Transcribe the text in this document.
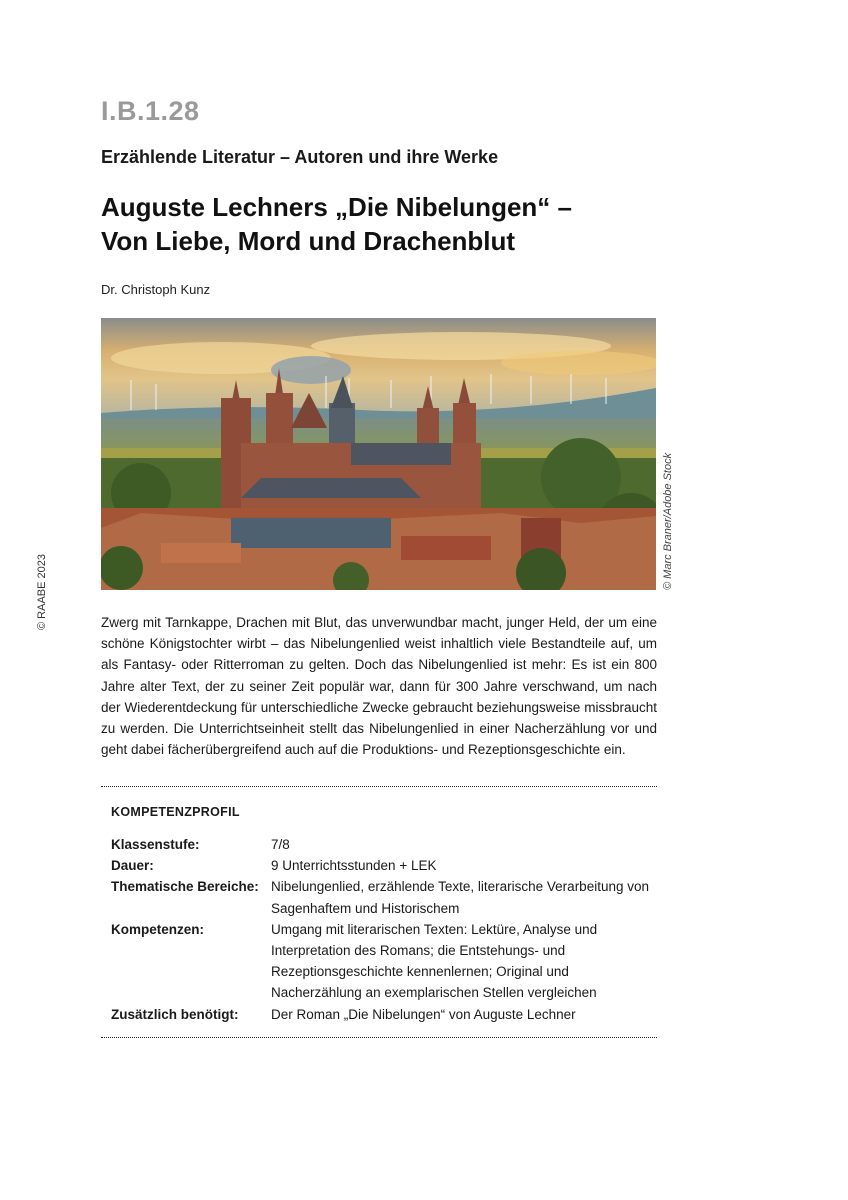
I.B.1.28
Erzählende Literatur – Autoren und ihre Werke
Auguste Lechners „Die Nibelungen“ –
Von Liebe, Mord und Drachenblut
Dr. Christoph Kunz
© Marc Braner/Adobe Stock
© RAABE 2023	Zwerg mit Tarnkappe, Drachen mit Blut, das unverwundbar macht, junger Held, der um eine schöne Königstochter wirbt – das Nibelungenlied weist inhaltlich viele Bestandteile auf, um als Fantasy- oder Ritterroman zu gelten. Doch das Nibelungenlied ist mehr: Es ist ein 800 Jahre alter Text, der zu seiner Zeit populär war, dann für 300 Jahre verschwand, um nach der Wiederentdeckung für unterschiedliche Zwecke gebraucht beziehungsweise missbraucht zu werden. Die Unterrichtseinheit stellt das Nibelungenlied in einer Nacherzählung vor und geht dabei fächerübergreifend auch auf die Produktions- und Rezeptionsgeschichte ein.
KOMPETENZPROFIL
Klassenstufe:	7/8
Dauer:	9 Unterrichtsstunden + LEK
Thematische Bereiche:	Nibelungenlied, erzählende Texte, literarische Verarbeitung von Sagenhaftem und Historischem
Kompetenzen:	Umgang mit literarischen Texten: Lektüre, Analyse und Interpretation des Romans; die Entstehungs- und Rezeptionsgeschichte kennenlernen; Original und Nacherzählung an exemplarischen Stellen vergleichen
Zusätzlich benötigt:	Der Roman „Die Nibelungen“ von Auguste Lechner
